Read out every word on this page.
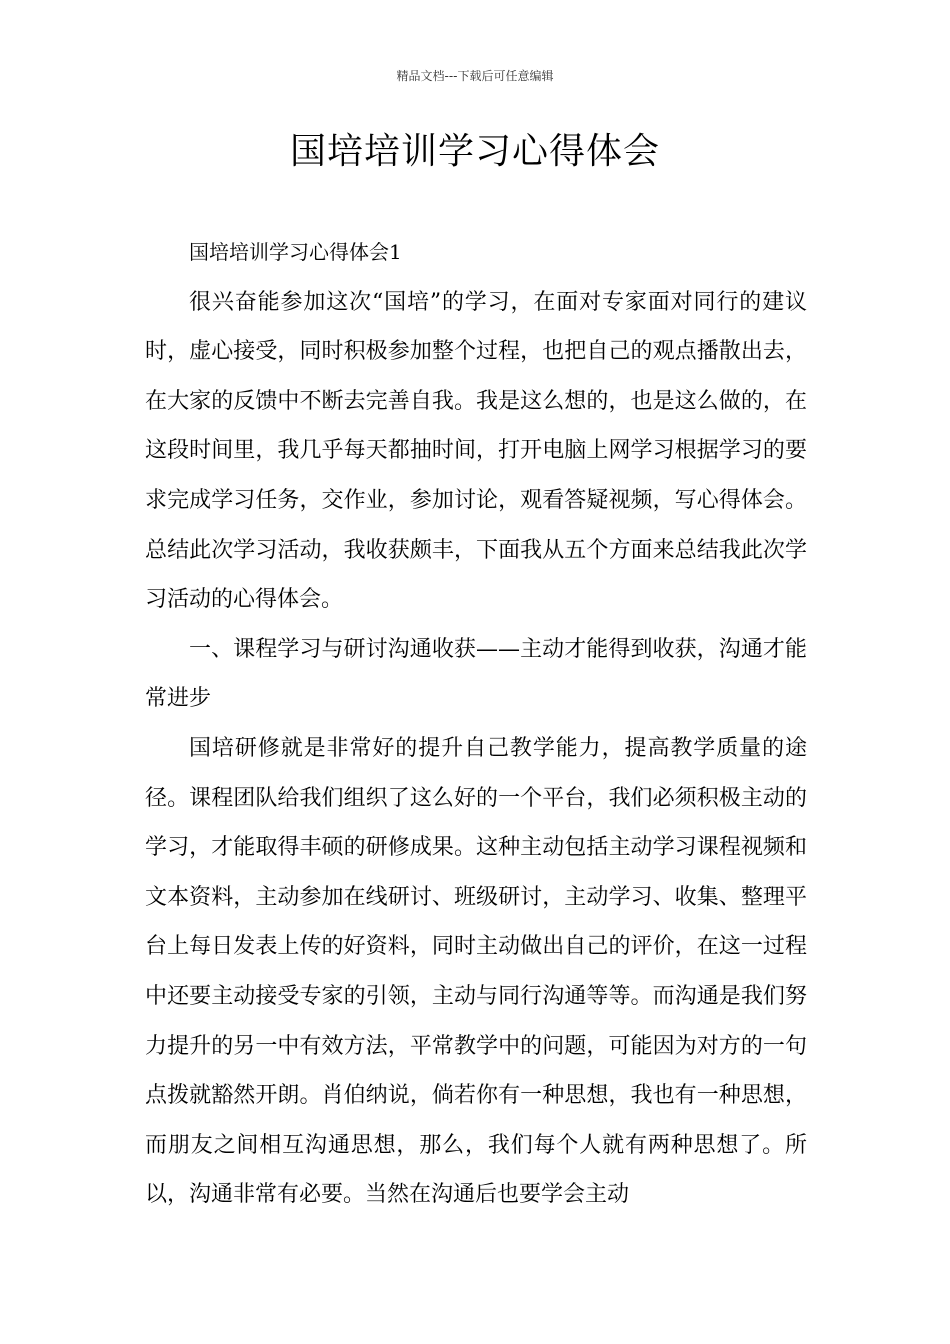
精品文档---下载后可任意编辑
国培培训学习心得体会

国培培训学习心得体会1

很兴奋能参加这次“国培”的学习，在面对专家面对同行的建议时，虚心接受，同时积极参加整个过程，也把自己的观点播散出去，在大家的反馈中不断去完善自我。我是这么想的，也是这么做的，在这段时间里，我几乎每天都抽时间，打开电脑上网学习根据学习的要求完成学习任务，交作业，参加讨论，观看答疑视频，写心得体会。总结此次学习活动，我收获颇丰，下面我从五个方面来总结我此次学习活动的心得体会。

一、课程学习与研讨沟通收获——主动才能得到收获，沟通才能常进步

国培研修就是非常好的提升自己教学能力，提高教学质量的途径。课程团队给我们组织了这么好的一个平台，我们必须积极主动的学习，才能取得丰硕的研修成果。这种主动包括主动学习课程视频和文本资料，主动参加在线研讨、班级研讨，主动学习、收集、整理平台上每日发表上传的好资料，同时主动做出自己的评价，在这一过程中还要主动接受专家的引领，主动与同行沟通等等。而沟通是我们努力提升的另一中有效方法，平常教学中的问题，可能因为对方的一句点拨就豁然开朗。肖伯纳说，倘若你有一种思想，我也有一种思想，而朋友之间相互沟通思想，那么，我们每个人就有两种思想了。所以，沟通非常有必要。当然在沟通后也要学会主动
